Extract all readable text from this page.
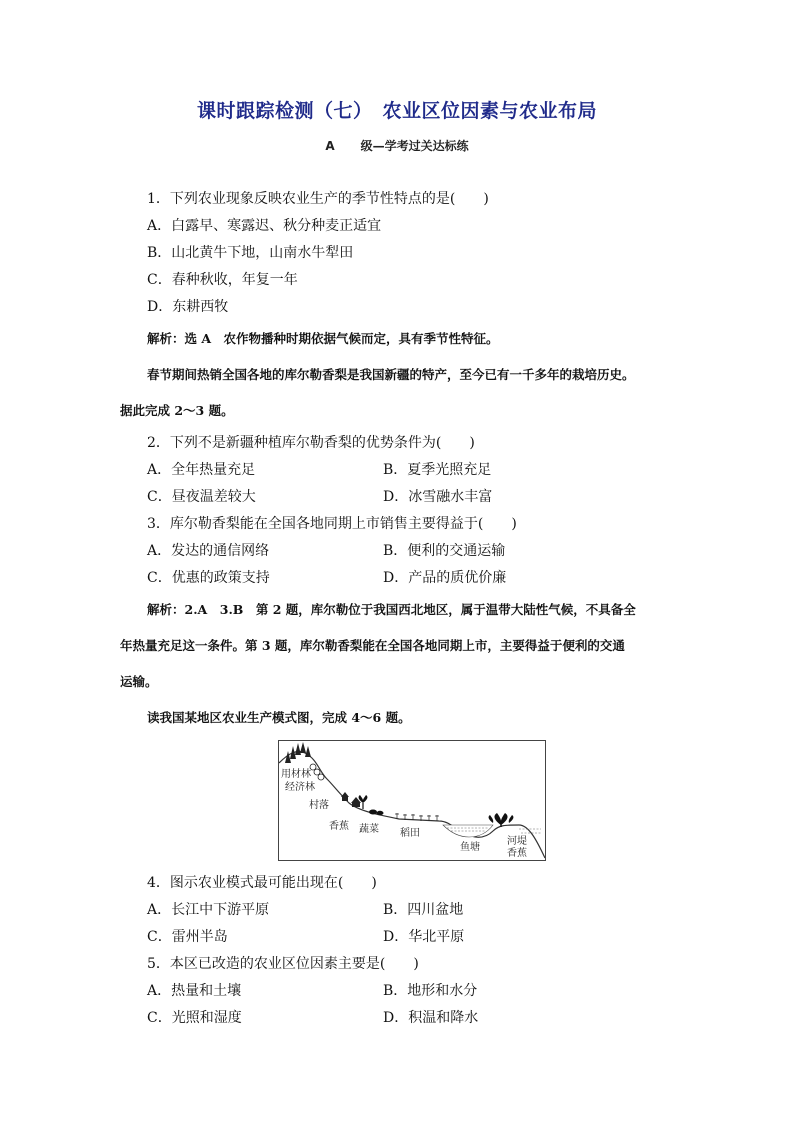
课时跟踪检测（七）　农业区位因素与农业布局
A 级—学考过关达标练
1．下列农业现象反映农业生产的季节性特点的是(　　)
A．白露早、寒露迟、秋分种麦正适宜
B．山北黄牛下地，山南水牛犁田
C．春种秋收，年复一年
D．东耕西牧
解析：选 A　农作物播种时期依据气候而定，具有季节性特征。
春节期间热销全国各地的库尔勒香梨是我国新疆的特产，至今已有一千多年的栽培历史。
据此完成 2～3 题。
2．下列不是新疆种植库尔勒香梨的优势条件为(　　)
A．全年热量充足	B．夏季光照充足
C．昼夜温差较大	D．冰雪融水丰富
3．库尔勒香梨能在全国各地同期上市销售主要得益于(　　)
A．发达的通信网络	B．便利的交通运输
C．优惠的政策支持	D．产品的质优价廉
解析：2.A　3.B　第 2 题，库尔勒位于我国西北地区，属于温带大陆性气候，不具备全
年热量充足这一条件。第 3 题，库尔勒香梨能在全国各地同期上市，主要得益于便利的交通
运输。
读我国某地区农业生产模式图，完成 4～6 题。
用材林
经济林
村落
香蕉 蔬菜 稻田
鱼塘
河堤
香蕉
4．图示农业模式最可能出现在(　　)
A．长江中下游平原	B．四川盆地
C．雷州半岛	D．华北平原
5．本区已改造的农业区位因素主要是(　　)
A．热量和土壤	B．地形和水分
C．光照和湿度	D．积温和降水
